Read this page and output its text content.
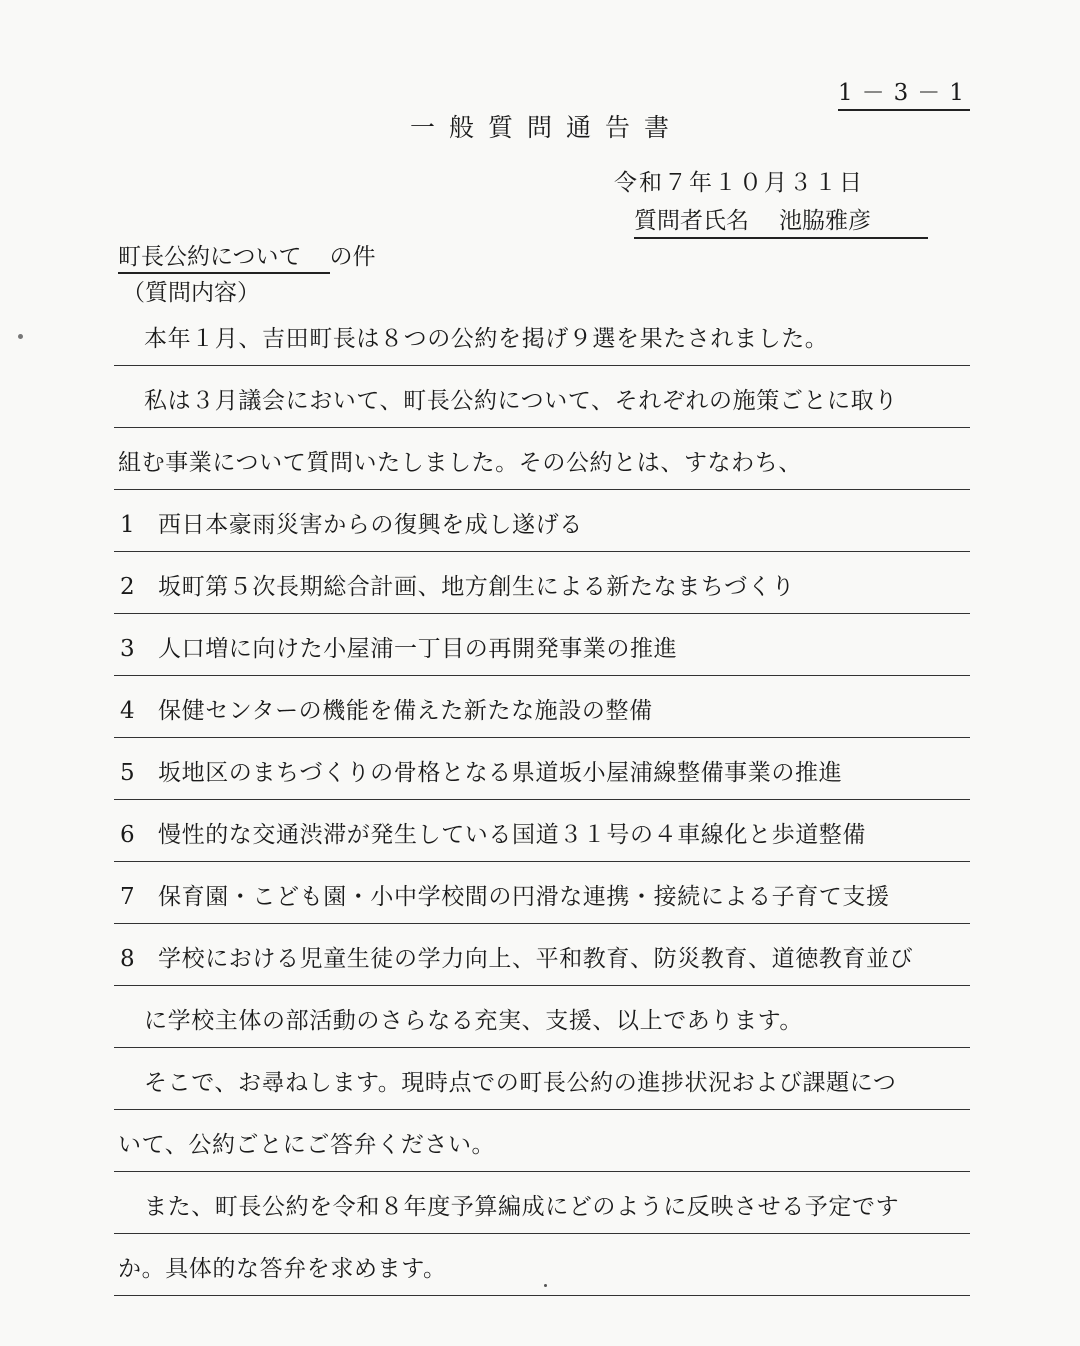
1－3－1
一般質問通告書
令和７年１０月３１日
質問者氏名 池脇雅彦
町長公約について の件
（質問内容）
本年１月、吉田町長は８つの公約を掲げ９選を果たされました。
私は３月議会において、町長公約について、それぞれの施策ごとに取り
組む事業について質問いたしました。その公約とは、すなわち、
1 西日本豪雨災害からの復興を成し遂げる
2 坂町第５次長期総合計画、地方創生による新たなまちづくり
3 人口増に向けた小屋浦一丁目の再開発事業の推進
4 保健センターの機能を備えた新たな施設の整備
5 坂地区のまちづくりの骨格となる県道坂小屋浦線整備事業の推進
6 慢性的な交通渋滞が発生している国道３１号の４車線化と歩道整備
7 保育園・こども園・小中学校間の円滑な連携・接続による子育て支援
8 学校における児童生徒の学力向上、平和教育、防災教育、道徳教育並び
に学校主体の部活動のさらなる充実、支援、以上であります。
そこで、お尋ねします。現時点での町長公約の進捗状況および課題につ
いて、公約ごとにご答弁ください。
また、町長公約を令和８年度予算編成にどのように反映させる予定です
か。具体的な答弁を求めます。
